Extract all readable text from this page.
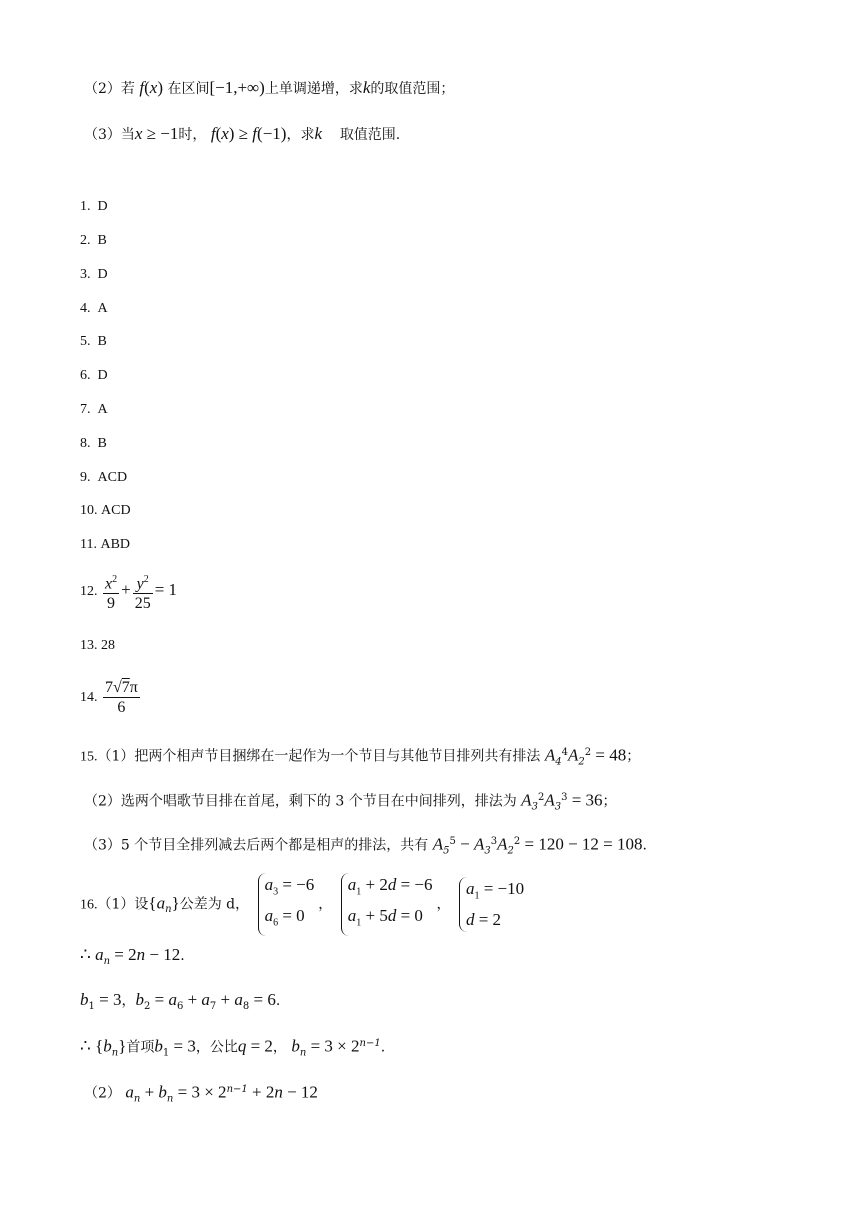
（2）若 f(x) 在区间[−1,+∞)上单调递增，求k的取值范围；
（3）当x ≥ −1时， f(x) ≥ f(−1)，求k 取值范围.
1. D
2. B
3. D
4. A
5. B
6. D
7. A
8. B
9. ACD
10. ACD
11. ABD
12. $\frac{x^2}{9} + \frac{y^2}{25} = 1$
13. 28
14. $\frac{7√7\pi}{6}$
15.（1）把两个相声节目捆绑在一起作为一个节目与其他节目排列共有排法 $A_4^4A_2^2 = 48$；
（2）选两个唱歌节目排在首尾，剩下的 3 个节目在中间排列，排法为 $A_3^2A_3^3 = 36$；
（3）5 个节目全排列减去后两个都是相声的排法，共有 $A_5^5 - A_3^3A_2^2 = 120 - 12 = 108$.
16.（1）设$\{a_n\}$公差为 d，
$a_3 = -6$
$a_6 = 0$
，
$a_1 + 2d = -6$
$a_1 + 5d = 0$
，
$a_1 = -10$
d = 2
∴ $a_n = 2n - 12$.
$b_1 = 3$，$b_2 = a_6 + a_7 + a_8 = 6$.
∴ $\{b_n\}$首项$b_1 = 3$，公比q = 2， $b_n = 3 \times 2^{n-1}$.
（2） $a_n + b_n = 3 \times 2^{n-1} + 2n - 12$
